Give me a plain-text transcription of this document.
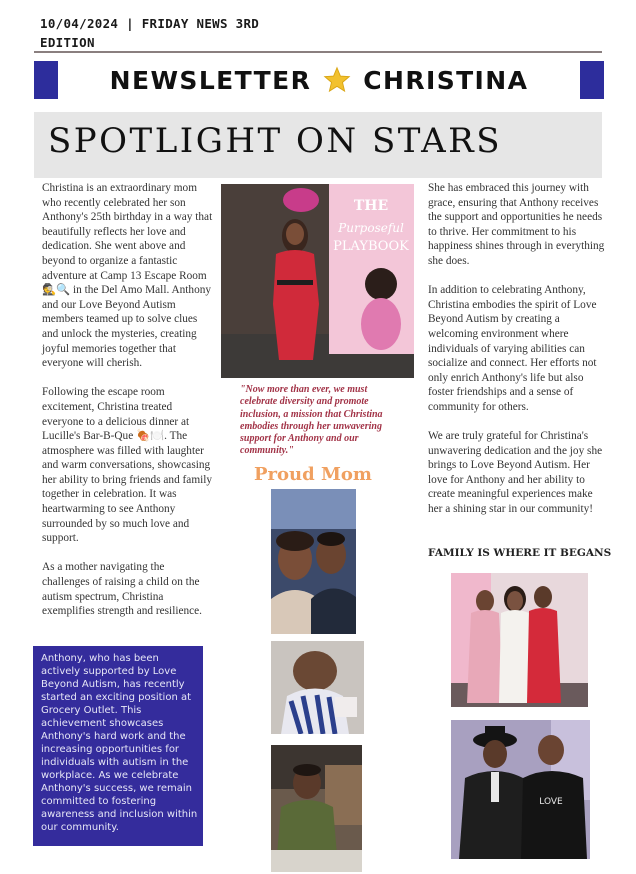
10/04/2024 | FRIDAY NEWS 3RD EDITION
NEWSLETTER CHRISTINA
SPOTLIGHT ON STARS

Christina is an extraordinary mom who recently celebrated her son Anthony's 25th birthday in a way that beautifully reflects her love and dedication. She went above and beyond to organize a fantastic adventure at Camp 13 Escape Room 🕵️🔍 in the Del Amo Mall. Anthony and our Love Beyond Autism members teamed up to solve clues and unlock the mysteries, creating joyful memories together that everyone will cherish.

Following the escape room excitement, Christina treated everyone to a delicious dinner at Lucille's Bar-B-Que 🍖🍽️. The atmosphere was filled with laughter and warm conversations, showcasing her ability to bring friends and family together in celebration. It was heartwarming to see Anthony surrounded by so much love and support.

As a mother navigating the challenges of raising a child on the autism spectrum, Christina exemplifies strength and resilience.

Anthony, who has been actively supported by Love Beyond Autism, has recently started an exciting position at Grocery Outlet. This achievement showcases Anthony's hard work and the increasing opportunities for individuals with autism in the workplace. As we celebrate Anthony's success, we remain committed to fostering awareness and inclusion within our community.
THE
Purposeful
PLAYBOOK
"Now more than ever, we must celebrate diversity and promote inclusion, a mission that Christina embodies through her unwavering support for Anthony and our community."
Proud Mom

She has embraced this journey with grace, ensuring that Anthony receives the support and opportunities he needs to thrive. Her commitment to his happiness shines through in everything she does.

In addition to celebrating Anthony, Christina embodies the spirit of Love Beyond Autism by creating a welcoming environment where individuals of varying abilities can socialize and connect. Her efforts not only enrich Anthony's life but also foster friendships and a sense of community for others.

We are truly grateful for Christina's unwavering dedication and the joy she brings to Love Beyond Autism. Her love for Anthony and her ability to create meaningful experiences make her a shining star in our community!

FAMILY IS WHERE IT BEGANS
LOVE
